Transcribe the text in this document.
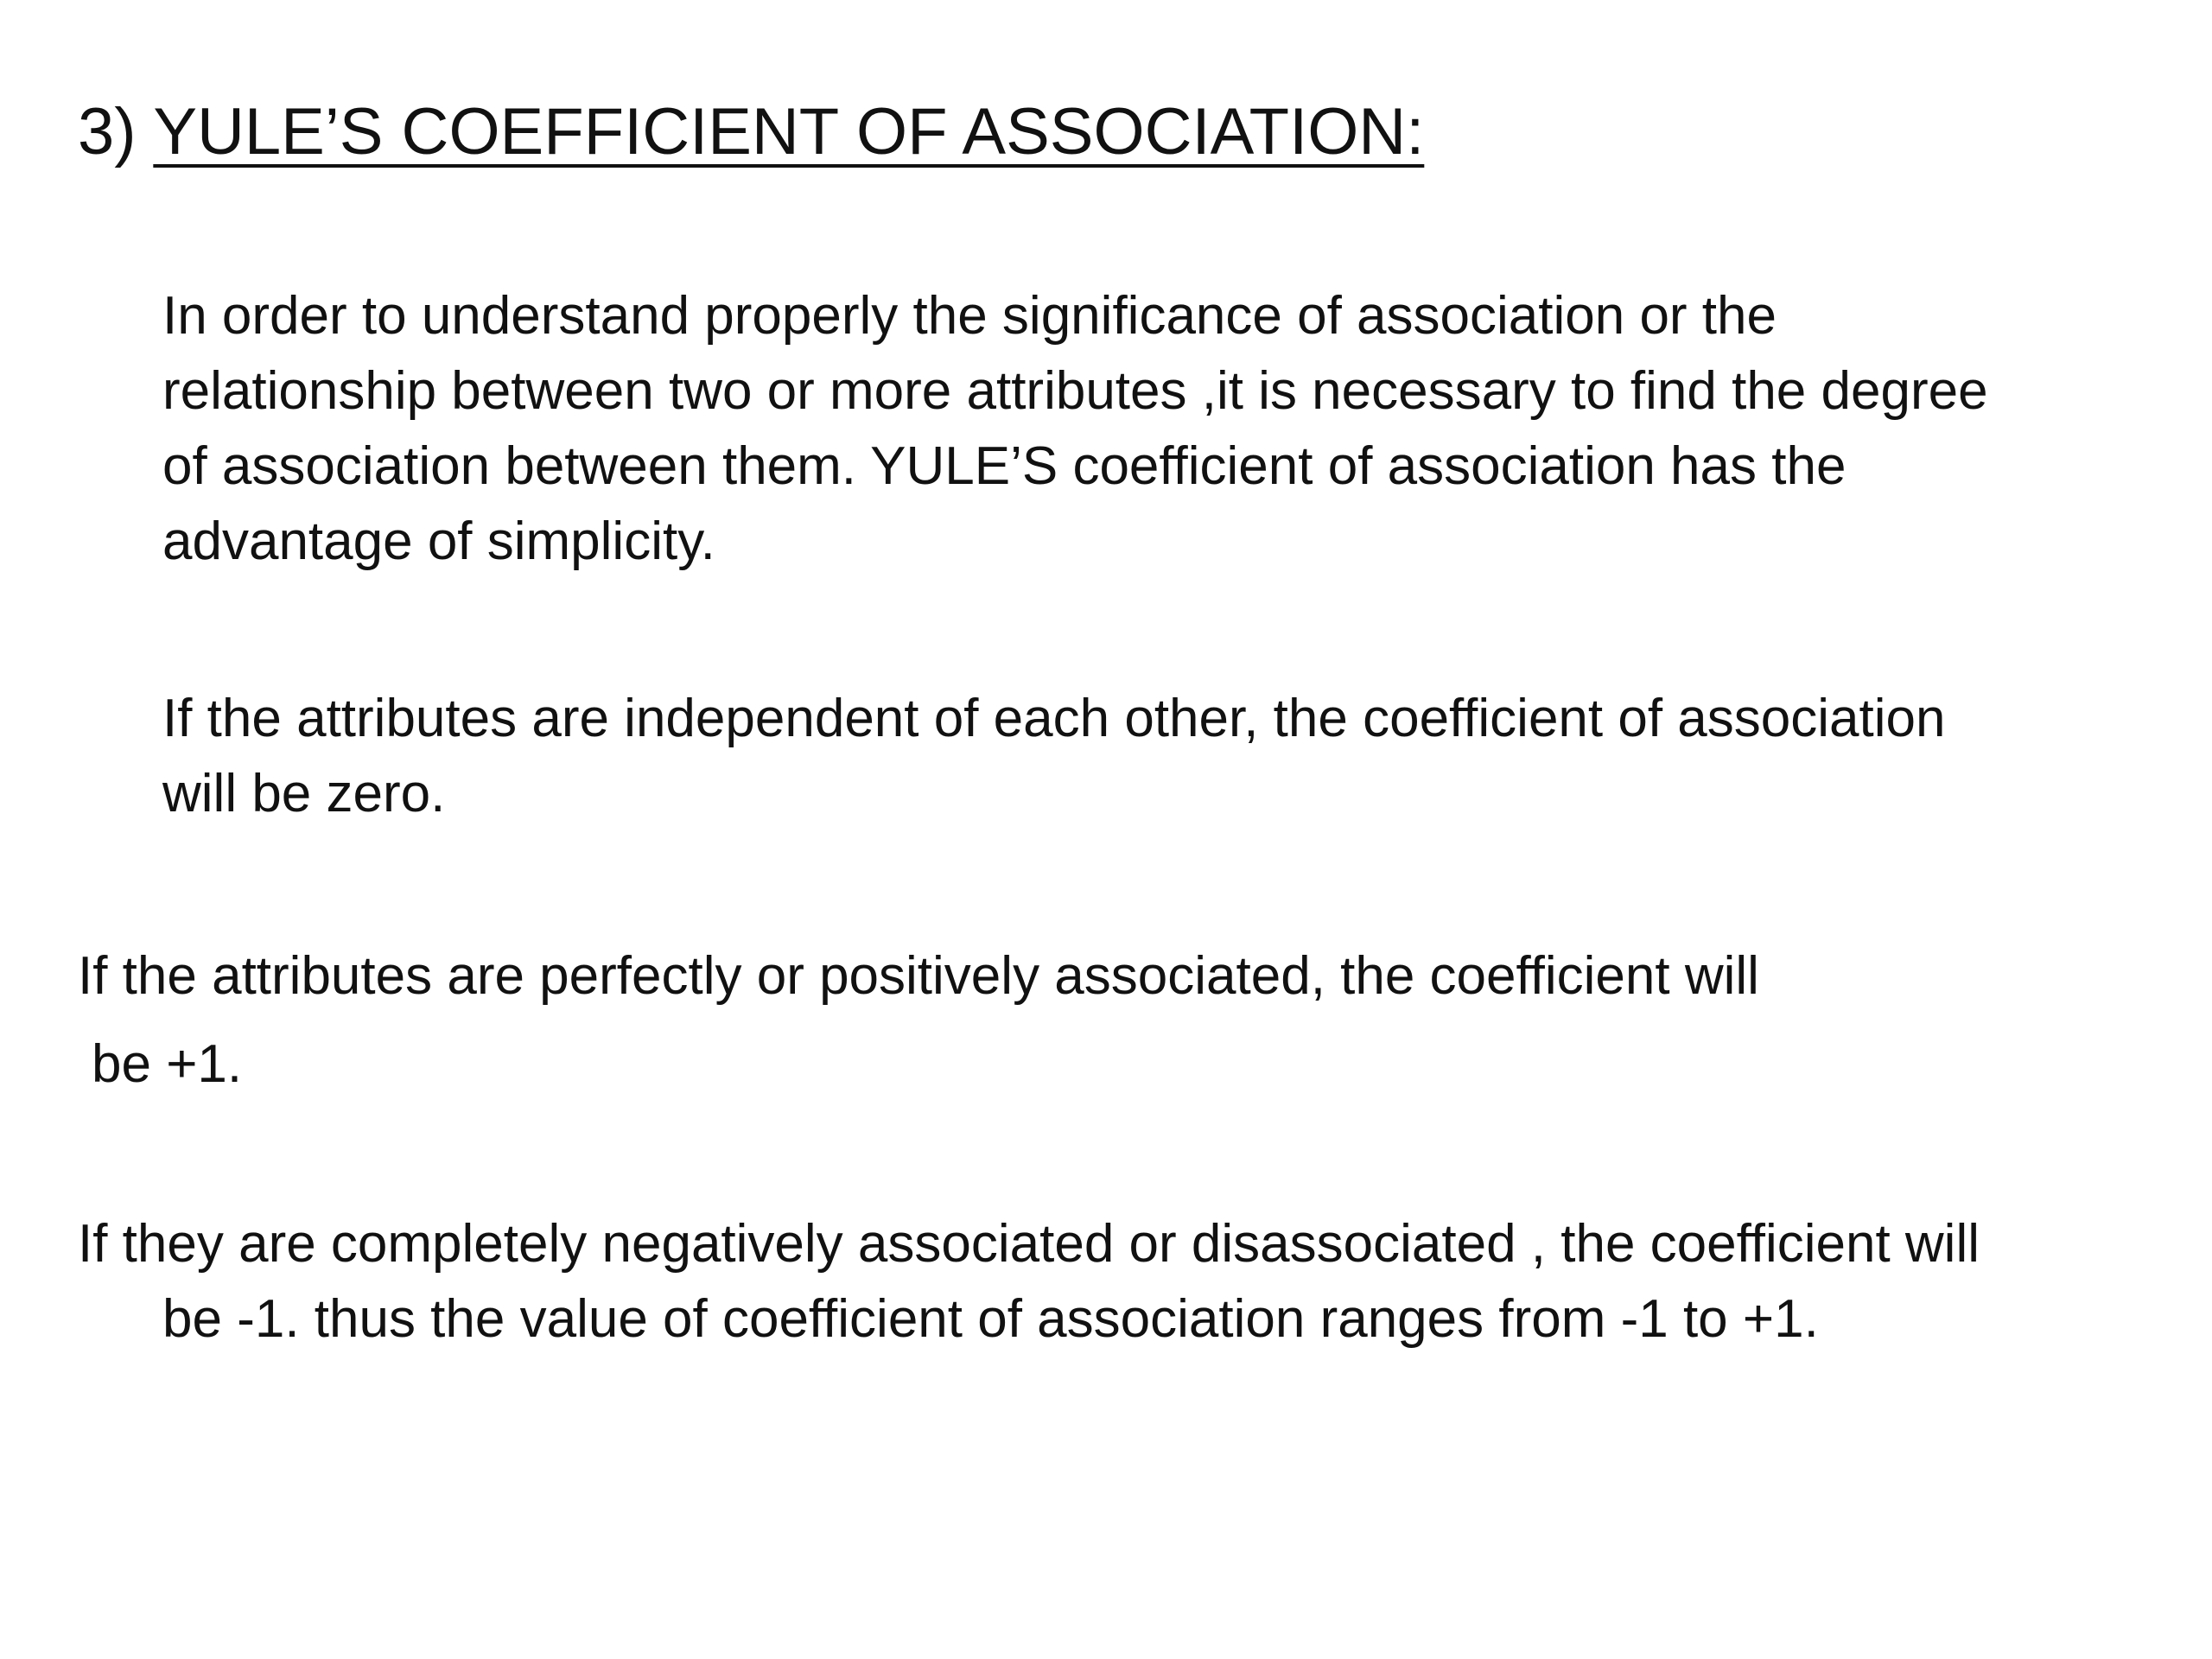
3) YULE’S COEFFICIENT OF ASSOCIATION:
In order to understand properly the significance of association or the
relationship between two or more attributes ,it is necessary to find the degree
of association between them. YULE’S coefficient of association has the
advantage of simplicity.
If the attributes are independent of each other, the coefficient of association
will be zero.
If the attributes are perfectly or positively associated, the coefficient will
be +1.
If they are completely negatively associated or disassociated , the coefficient will
be -1. thus the value of coefficient of association ranges from -1 to +1.
